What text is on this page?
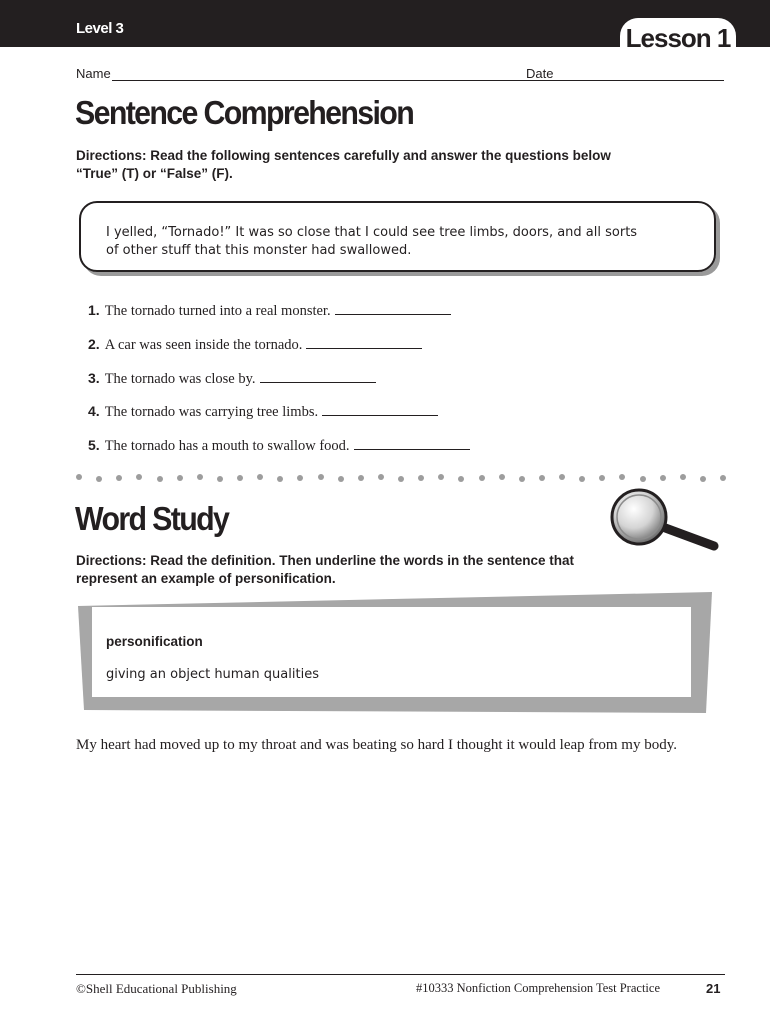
Level 3	Lesson 1
Name	Date
Sentence Comprehension
Directions: Read the following sentences carefully and answer the questions below
“True” (T) or “False” (F).
I yelled, “Tornado!” It was so close that I could see tree limbs, doors, and all sorts
of other stuff that this monster had swallowed.
1. The tornado turned into a real monster.
2. A car was seen inside the tornado.
3. The tornado was close by.
4. The tornado was carrying tree limbs.
5. The tornado has a mouth to swallow food.
Word Study
Directions: Read the definition. Then underline the words in the sentence that
represent an example of personification.
personification
giving an object human qualities
My heart had moved up to my throat and was beating so hard I thought it would leap from my body.
©Shell Educational Publishing	#10333 Nonfiction Comprehension Test Practice	21
